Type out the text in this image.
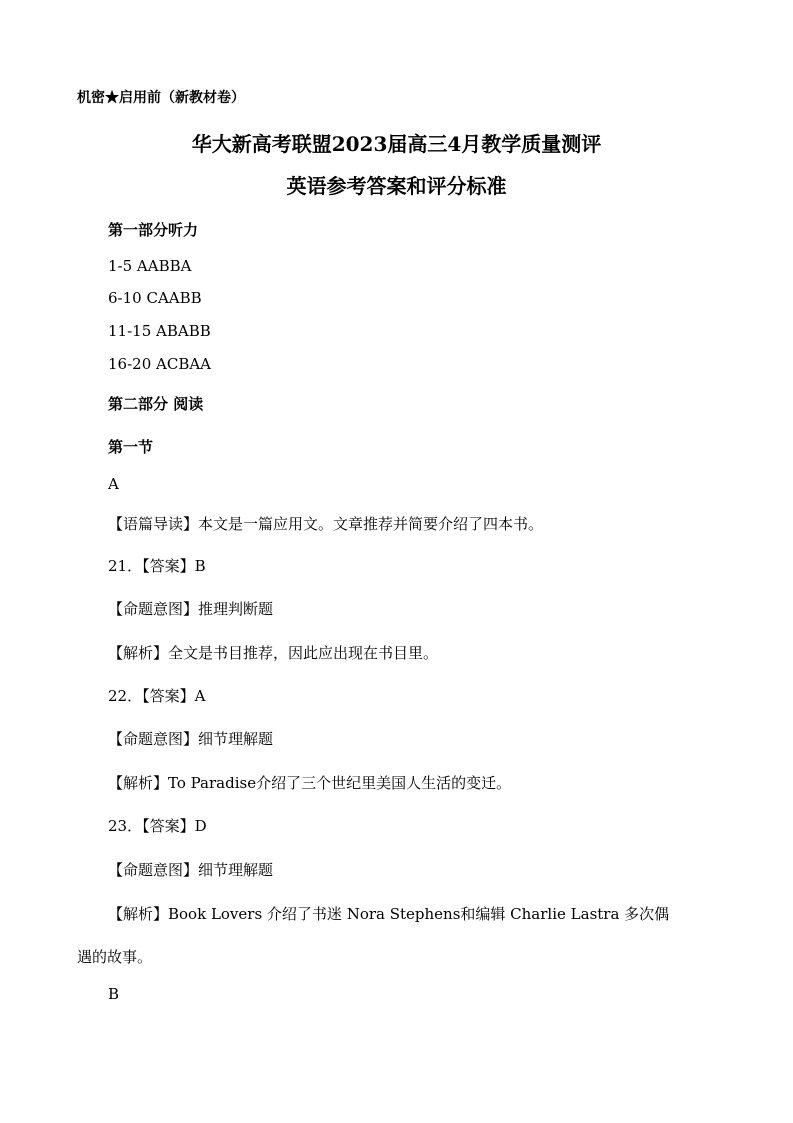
机密★启用前（新教材卷）
华大新高考联盟2023届高三4月教学质量测评
英语参考答案和评分标准
第一部分听力
1-5 AABBA
6-10 CAABB
11-15 ABABB
16-20 ACBAA
第二部分 阅读
第一节
A
【语篇导读】本文是一篇应用文。文章推荐并简要介绍了四本书。
21．【答案】B
【命题意图】推理判断题
【解析】全文是书目推荐，因此应出现在书目里。
22．【答案】A
【命题意图】细节理解题
【解析】To Paradise介绍了三个世纪里美国人生活的变迁。
23．【答案】D
【命题意图】细节理解题
【解析】Book Lovers 介绍了书迷 Nora Stephens和编辑 Charlie Lastra 多次偶
遇的故事。
B
